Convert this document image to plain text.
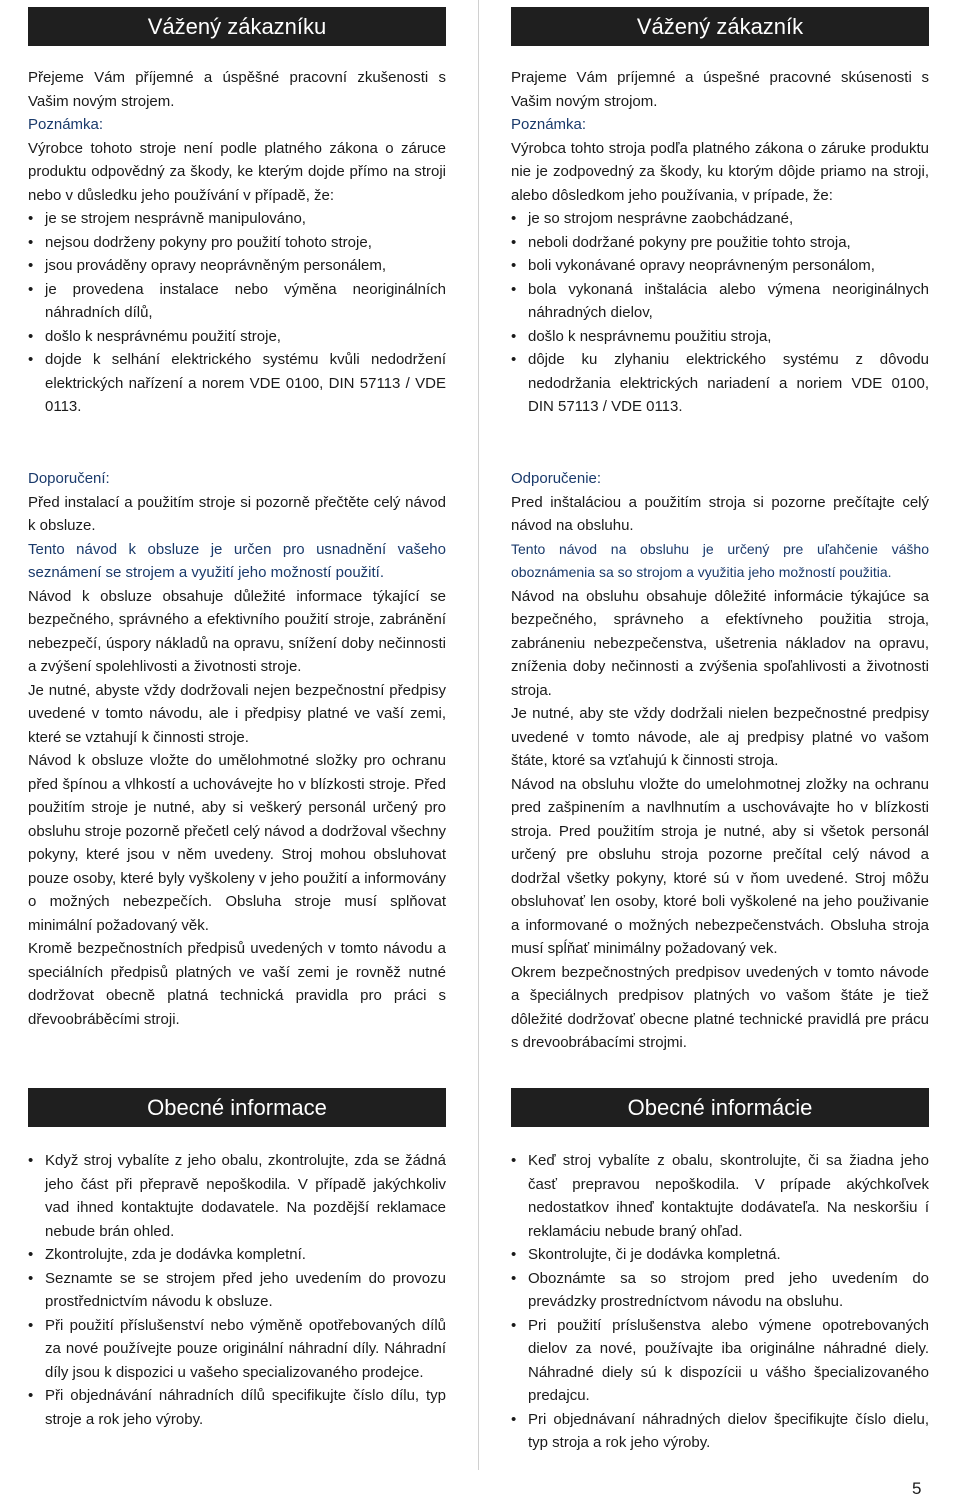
Vážený zákazníku

Přejeme Vám příjemné a úspěšné pracovní zkušenosti s Vašim novým strojem.

Poznámka:

Výrobce tohoto stroje není podle platného zákona o záruce produktu odpovědný za škody, ke kterým dojde přímo na stroji nebo v důsledku jeho používání v případě, že:

• je se strojem nesprávně manipulováno,
• nejsou dodrženy pokyny pro použití tohoto stroje,
• jsou prováděny opravy neoprávněným personálem,
• je provedena instalace nebo výměna neoriginálních náhradních dílů,
• došlo k nesprávnému použití stroje,
• dojde k selhání elektrického systému kvůli nedodržení elektrických nařízení a norem VDE 0100, DIN 57113 / VDE 0113.

Doporučení:

Před instalací a použitím stroje si pozorně přečtěte celý návod k obsluze.

Tento návod k obsluze je určen pro usnadnění vašeho seznámení se strojem a využití jeho možností použití.

Návod k obsluze obsahuje důležité informace týkající se bezpečného, správného a efektivního použití stroje, zabránění nebezpečí, úspory nákladů na opravu, snížení doby nečinnosti a zvýšení spolehlivosti a životnosti stroje.

Je nutné, abyste vždy dodržovali nejen bezpečnostní předpisy uvedené v tomto návodu, ale i předpisy platné ve vaší zemi, které se vztahují k činnosti stroje.

Návod k obsluze vložte do umělohmotné složky pro ochranu před špínou a vlhkostí a uchovávejte ho v blízkosti stroje. Před použitím stroje je nutné, aby si veškerý personál určený pro obsluhu stroje pozorně přečetl celý návod a dodržoval všechny pokyny, které jsou v něm uvedeny. Stroj mohou obsluhovat pouze osoby, které byly vyškoleny v jeho použití a informovány o možných nebezpečích. Obsluha stroje musí splňovat minimální požadovaný věk.

Kromě bezpečnostních předpisů uvedených v tomto návodu a speciálních předpisů platných ve vaší zemi je rovněž nutné dodržovat obecně platná technická pravidla pro práci s dřevoobráběcími stroji.

Obecné informace
• Když stroj vybalíte z jeho obalu, zkontrolujte, zda se žádná jeho část při přepravě nepoškodila. V případě jakýchkoliv vad ihned kontaktujte dodavatele. Na pozdější reklamace nebude brán ohled.
• Zkontrolujte, zda je dodávka kompletní.
• Seznamte se se strojem před jeho uvedením do provozu prostřednictvím návodu k obsluze.
• Při použití příslušenství nebo výměně opotřebovaných dílů za nové používejte pouze originální náhradní díly. Náhradní díly jsou k dispozici u vašeho specializovaného prodejce.
• Při objednávání náhradních dílů specifikujte číslo dílu, typ stroje a rok jeho výroby.
Vážený zákazník

Prajeme Vám príjemné a úspešné pracovné skúsenosti s Vašim novým strojom.

Poznámka:

Výrobca tohto stroja podľa platného zákona o záruke produktu nie je zodpovedný za škody, ku ktorým dôjde priamo na stroji, alebo dôsledkom jeho používania, v prípade, že:

• je so strojom nesprávne zaobchádzané,
• neboli dodržané pokyny pre použitie tohto stroja,
• boli vykonávané opravy neoprávneným personálom,
• bola vykonaná inštalácia alebo výmena neoriginálnych náhradných dielov,
• došlo k nesprávnemu použitiu stroja,
• dôjde ku zlyhaniu elektrického systému z dôvodu nedodržania elektrických nariadení a noriem VDE 0100, DIN 57113 / VDE 0113.

Odporučenie:

Pred inštaláciou a použitím stroja si pozorne prečítajte celý návod na obsluhu.

Tento návod na obsluhu je určený pre uľahčenie vášho oboznámenia sa so strojom a využitia jeho možností použitia.

Návod na obsluhu obsahuje dôležité informácie týkajúce sa bezpečného, správneho a efektívneho použitia stroja, zabráneniu nebezpečenstva, ušetrenia nákladov na opravu, zníženia doby nečinnosti a zvýšenia spoľahlivosti a životnosti stroja.

Je nutné, aby ste vždy dodržali nielen bezpečnostné predpisy uvedené v tomto návode, ale aj predpisy platné vo vašom štáte, ktoré sa vzťahujú k činnosti stroja.

Návod na obsluhu vložte do umelohmotnej zložky na ochranu pred zašpinením a navlhnutím a uschovávajte ho v blízkosti stroja. Pred použitím stroja je nutné, aby si všetok personál určený pre obsluhu stroja pozorne prečítal celý návod a dodržal všetky pokyny, ktoré sú v ňom uvedené. Stroj môžu obsluhovať len osoby, ktoré boli vyškolené na jeho použivanie a informované o možných nebezpečenstvách. Obsluha stroja musí spĺňať minimálny požadovaný vek.

Okrem bezpečnostných predpisov uvedených v tomto návode a špeciálnych predpisov platných vo vašom štáte je tiež dôležité dodržovať obecne platné technické pravidlá pre prácu s drevoobrábacími strojmi.

Obecné informácie
• Keď stroj vybalíte z obalu, skontrolujte, či sa žiadna jeho časť prepravou nepoškodila. V prípade akýchkoľvek nedostatkov ihneď kontaktujte dodávateľa. Na neskoršiu í reklamáciu nebude braný ohľad.
• Skontrolujte, či je dodávka kompletná.
• Oboznámte sa so strojom pred jeho uvedením do prevádzky prostredníctvom návodu na obsluhu.
• Pri použití príslušenstva alebo výmene opotrebovaných dielov za nové, používajte iba originálne náhradné diely. Náhradné diely sú k dispozícii u vášho špecializovaného predajcu.
• Pri objednávaní náhradných dielov špecifikujte číslo dielu, typ stroja a rok jeho výroby.
5
